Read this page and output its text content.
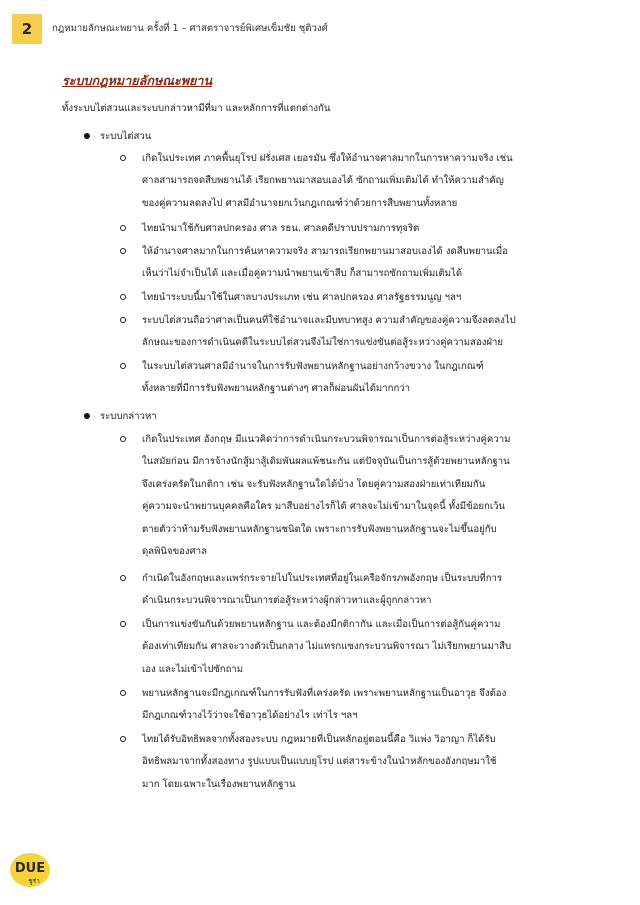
2	กฎหมายลักษณะพยาน ครั้งที่ 1 – ศาสตราจารย์พิเศษเข็มชัย ชุติวงศ์
ระบบกฎหมายลักษณะพยาน
ทั้งระบบไต่สวนและระบบกล่าวหามีที่มา และหลักการที่แตกต่างกัน
ระบบไต่สวน
เกิดในประเทศ ภาคพื้นยุโรป ฝรั่งเศส เยอรมัน ซึ่งให้อำนาจศาลมากในการหาความจริง เช่น
ศาลสามารถจดสืบพยานได้ เรียกพยานมาสอบเองได้ ซักถามเพิ่มเติมได้ ทำให้ความสำคัญ
ของคู่ความลดลงไป ศาลมีอำนาจยกเว้นกฎเกณฑ์ว่าด้วยการสืบพยานทั้งหลาย
ไทยนำมาใช้กับศาลปกครอง ศาล รธน. ศาลคดีปราบปรามการทุจริต
ให้อำนาจศาลมากในการค้นหาความจริง สามารถเรียกพยานมาสอบเองได้ งดสืบพยานเมื่อ
เห็นว่าไม่จำเป็นได้ และเมื่อคู่ความนำพยานเข้าสืบ ก็สามารถซักถามเพิ่มเติมได้
ไทยนำระบบนี้มาใช้ในศาลบางประเภท เช่น ศาลปกครอง ศาลรัฐธรรมนูญ ฯลฯ
ระบบไต่สวนถือว่าศาลเป็นคนที่ใช้อำนาจและมีบทบาทสูง ความสำคัญของคู่ความจึงลดลงไป
ลักษณะของการดำเนินคดีในระบบไต่สวนจึงไม่ใช่การแข่งขันต่อสู้ระหว่างคู่ความสองฝ่าย
ในระบบไต่สวนศาลมีอำนาจในการรับฟังพยานหลักฐานอย่างกว้างขวาง ในกฎเกณฑ์
ทั้งหลายที่มีการรับฟังพยานหลักฐานต่างๆ ศาลก็ผ่อนผันได้มากกว่า
ระบบกล่าวหา
เกิดในประเทศ อังกฤษ มีแนวคิดว่าการดำเนินกระบวนพิจารณาเป็นการต่อสู้ระหว่างคู่ความ
ในสมัยก่อน มีการจ้างนักสู้มาสู้เดิมพันผลแพ้ชนะกัน แต่ปัจจุบันเป็นการสู้ด้วยพยานหลักฐาน
จึงเคร่งครัดในกติกา เช่น จะรับฟังหลักฐานใดได้บ้าง โดยคู่ความสองฝ่ายเท่าเทียมกัน
คู่ความจะนำพยานบุคคลคือใคร มาสืบอย่างไรก็ได้ ศาลจะไม่เข้ามาในจุดนี้ ทั้งมีข้อยกเว้น
ตายตัวว่าห้ามรับฟังพยานหลักฐานชนิดใด เพราะการรับฟังพยานหลักฐานจะไม่ขึ้นอยู่กับ
ดุลพินิจของศาล
กำเนิดในอังกฤษและแพร่กระจายไปในประเทศที่อยู่ในเครือจักรภพอังกฤษ เป็นระบบที่การ
ดำเนินกระบวนพิจารณาเป็นการต่อสู้ระหว่างผู้กล่าวหาและผู้ถูกกล่าวหา
เป็นการแข่งขันกันด้วยพยานหลักฐาน และต้องมีกติกากัน และเมื่อเป็นการต่อสู้กันคู่ความ
ต้องเท่าเทียมกัน ศาลจะวางตัวเป็นกลาง ไม่แทรกแซงกระบวนพิจารณา ไม่เรียกพยานมาสืบ
เอง และไม่เข้าไปซักถาม
พยานหลักฐานจะมีกฎเกณฑ์ในการรับฟังที่เคร่งครัด เพราะพยานหลักฐานเป็นอาวุธ จึงต้อง
มีกฎเกณฑ์วางไว้ว่าจะใช้อาวุธได้อย่างไร เท่าไร ฯลฯ
ไทยได้รับอิทธิพลจากทั้งสองระบบ กฎหมายที่เป็นหลักอยู่ตอนนี้คือ วิแพ่ง วิอาญา ก็ได้รับ
อิทธิพลมาจากทั้งสองทาง รูปแบบเป็นแบบยุโรป แต่สาระข้างในนำหลักของอังกฤษมาใช้
มาก โดยเฉพาะในเรื่องพยานหลักฐาน
DUE
ชูร่า
